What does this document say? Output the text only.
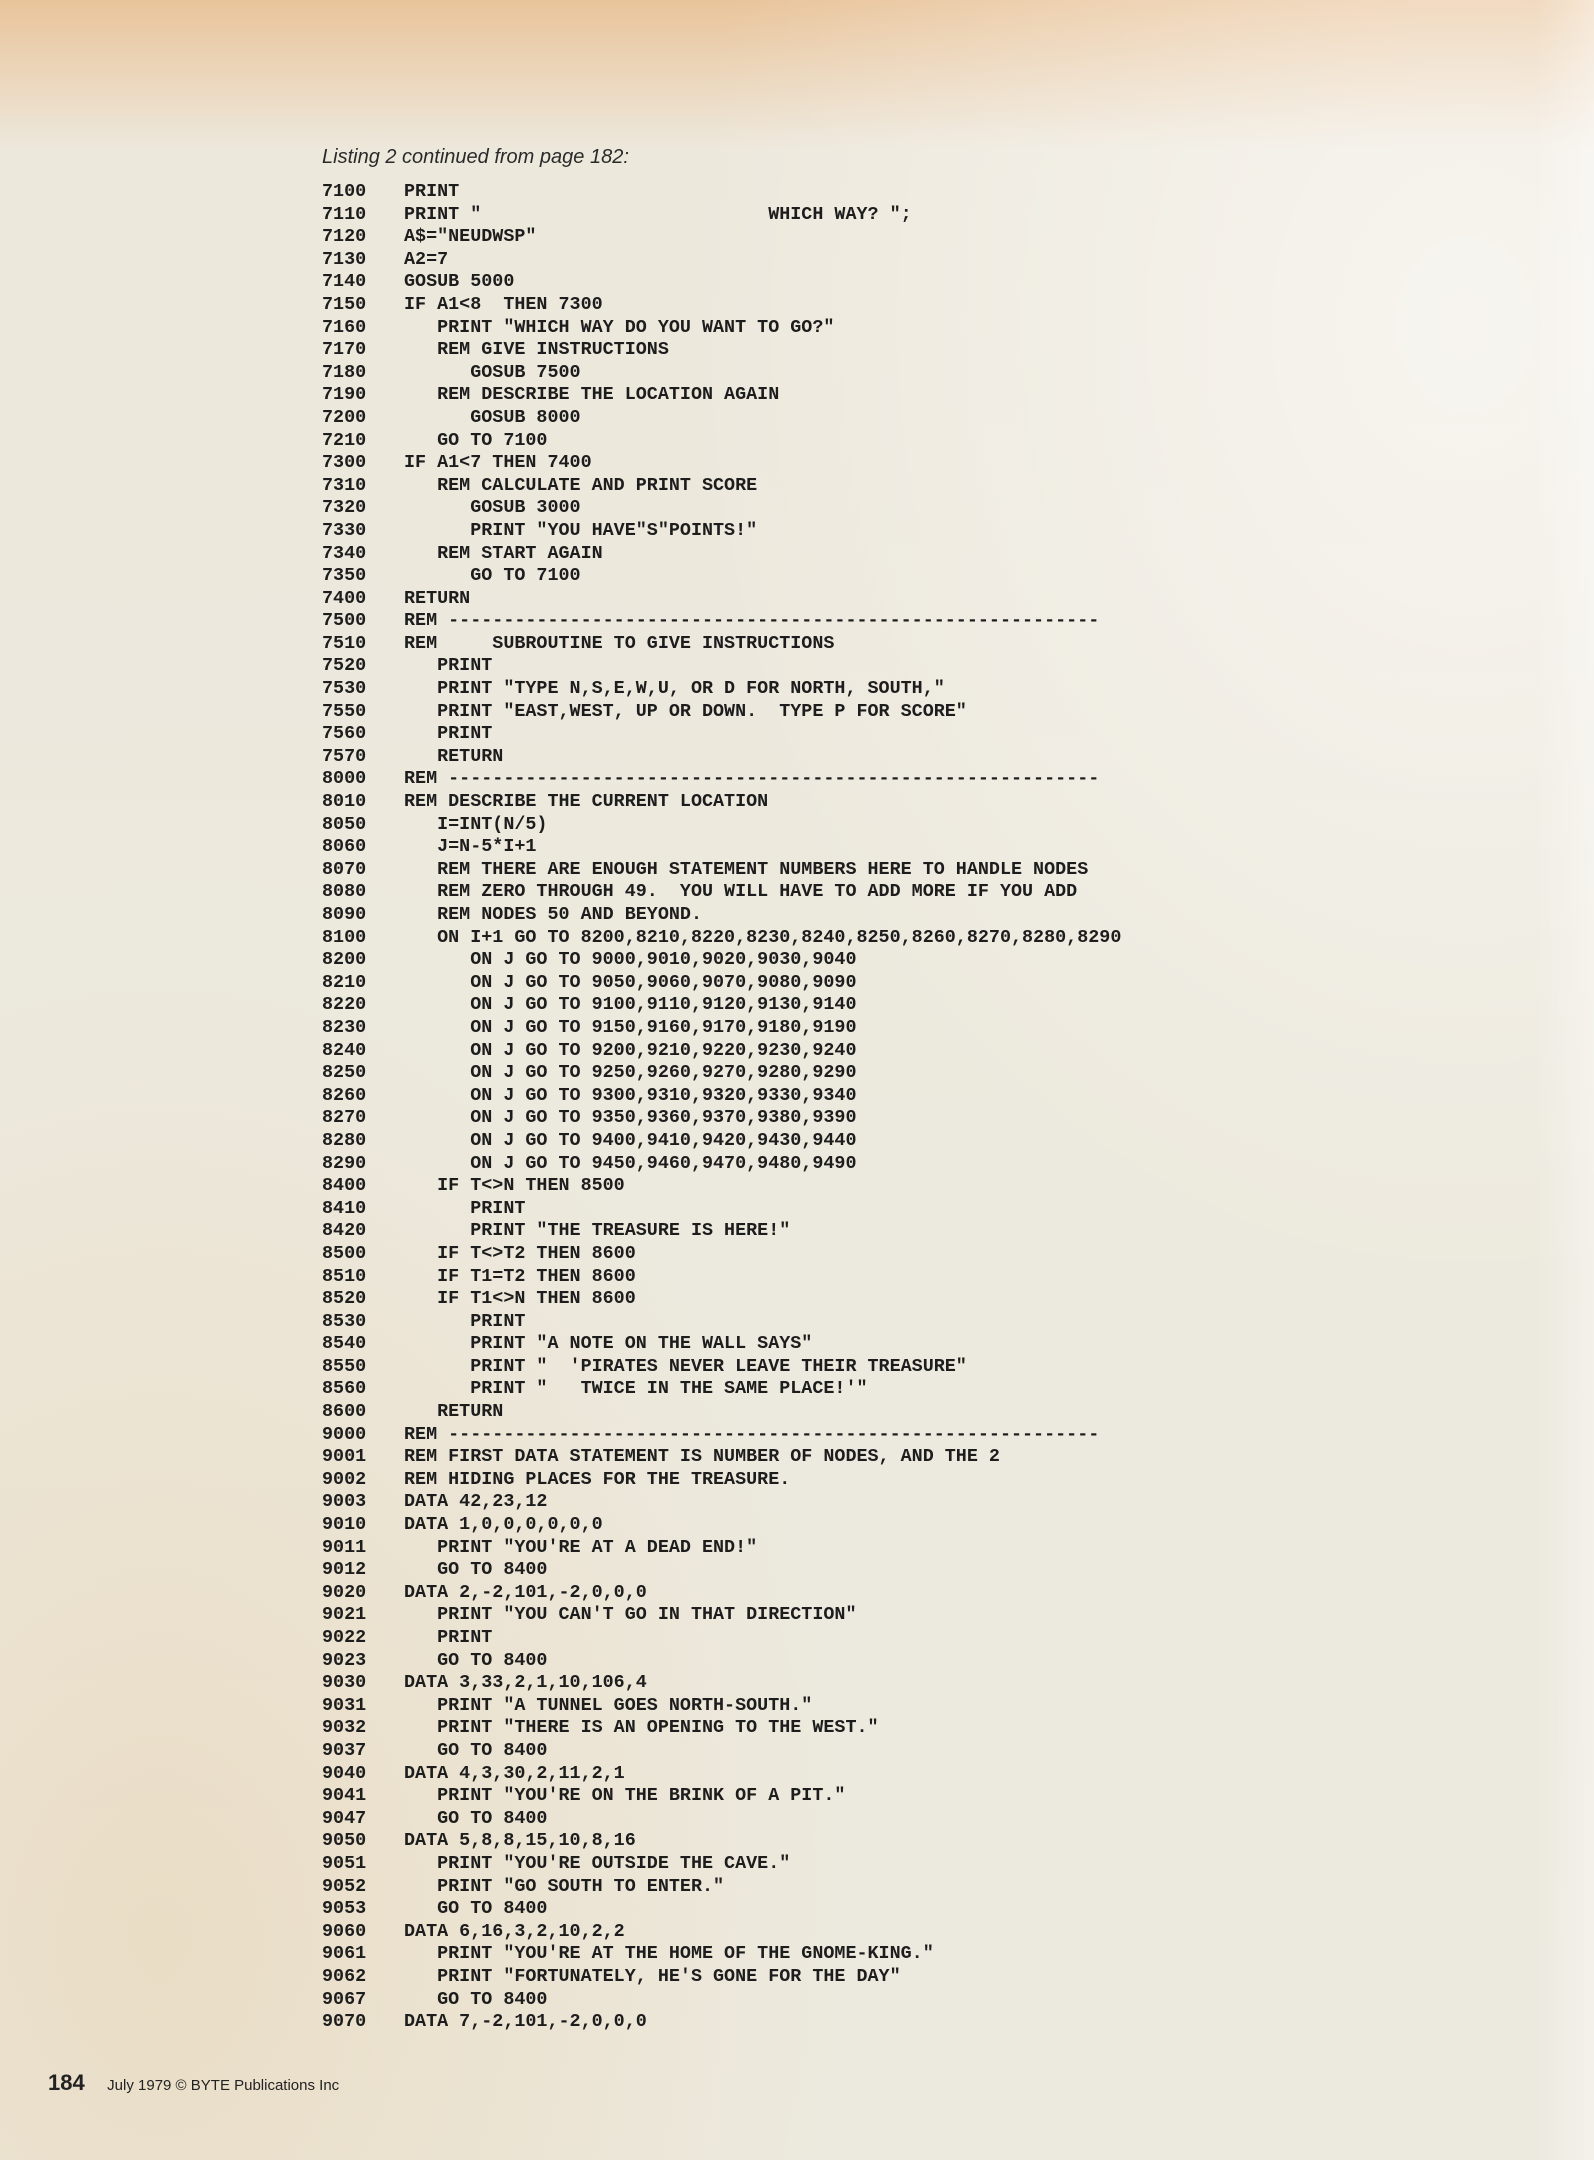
Listing 2 continued from page 182:

7100	PRINT
7110	PRINT "                          WHICH WAY? ";
7120	A$="NEUDWSP"
7130	A2=7
7140	GOSUB 5000
7150	IF A1<8  THEN 7300
7160	PRINT "WHICH WAY DO YOU WANT TO GO?"
7170	REM GIVE INSTRUCTIONS
7180	GOSUB 7500
7190	REM DESCRIBE THE LOCATION AGAIN
7200	GOSUB 8000
7210	GO TO 7100
7300	IF A1<7 THEN 7400
7310	REM CALCULATE AND PRINT SCORE
7320	GOSUB 3000
7330	PRINT "YOU HAVE"S"POINTS!"
7340	REM START AGAIN
7350	GO TO 7100
7400	RETURN
7500	REM -----------------------------------------------------------
7510	REM     SUBROUTINE TO GIVE INSTRUCTIONS
7520	PRINT
7530	PRINT "TYPE N,S,E,W,U, OR D FOR NORTH, SOUTH,"
7550	PRINT "EAST,WEST, UP OR DOWN.  TYPE P FOR SCORE"
7560	PRINT
7570	RETURN
8000	REM -----------------------------------------------------------
8010	REM DESCRIBE THE CURRENT LOCATION
8050	I=INT(N/5)
8060	J=N-5*I+1
8070	REM THERE ARE ENOUGH STATEMENT NUMBERS HERE TO HANDLE NODES
8080	REM ZERO THROUGH 49.  YOU WILL HAVE TO ADD MORE IF YOU ADD
8090	REM NODES 50 AND BEYOND.
8100	ON I+1 GO TO 8200,8210,8220,8230,8240,8250,8260,8270,8280,8290
8200	ON J GO TO 9000,9010,9020,9030,9040
8210	ON J GO TO 9050,9060,9070,9080,9090
8220	ON J GO TO 9100,9110,9120,9130,9140
8230	ON J GO TO 9150,9160,9170,9180,9190
8240	ON J GO TO 9200,9210,9220,9230,9240
8250	ON J GO TO 9250,9260,9270,9280,9290
8260	ON J GO TO 9300,9310,9320,9330,9340
8270	ON J GO TO 9350,9360,9370,9380,9390
8280	ON J GO TO 9400,9410,9420,9430,9440
8290	ON J GO TO 9450,9460,9470,9480,9490
8400	IF T<>N THEN 8500
8410	PRINT
8420	PRINT "THE TREASURE IS HERE!"
8500	IF T<>T2 THEN 8600
8510	IF T1=T2 THEN 8600
8520	IF T1<>N THEN 8600
8530	PRINT
8540	PRINT "A NOTE ON THE WALL SAYS"
8550	PRINT "  'PIRATES NEVER LEAVE THEIR TREASURE"
8560	PRINT "   TWICE IN THE SAME PLACE!'"
8600	RETURN
9000	REM -----------------------------------------------------------
9001	REM FIRST DATA STATEMENT IS NUMBER OF NODES, AND THE 2
9002	REM HIDING PLACES FOR THE TREASURE.
9003	DATA 42,23,12
9010	DATA 1,0,0,0,0,0,0
9011	PRINT "YOU'RE AT A DEAD END!"
9012	GO TO 8400
9020	DATA 2,-2,101,-2,0,0,0
9021	PRINT "YOU CAN'T GO IN THAT DIRECTION"
9022	PRINT
9023	GO TO 8400
9030	DATA 3,33,2,1,10,106,4
9031	PRINT "A TUNNEL GOES NORTH-SOUTH."
9032	PRINT "THERE IS AN OPENING TO THE WEST."
9037	GO TO 8400
9040	DATA 4,3,30,2,11,2,1
9041	PRINT "YOU'RE ON THE BRINK OF A PIT."
9047	GO TO 8400
9050	DATA 5,8,8,15,10,8,16
9051	PRINT "YOU'RE OUTSIDE THE CAVE."
9052	PRINT "GO SOUTH TO ENTER."
9053	GO TO 8400
9060	DATA 6,16,3,2,10,2,2
9061	PRINT "YOU'RE AT THE HOME OF THE GNOME-KING."
9062	PRINT "FORTUNATELY, HE'S GONE FOR THE DAY"
9067	GO TO 8400
9070	DATA 7,-2,101,-2,0,0,0

184 July 1979 © BYTE Publications Inc
